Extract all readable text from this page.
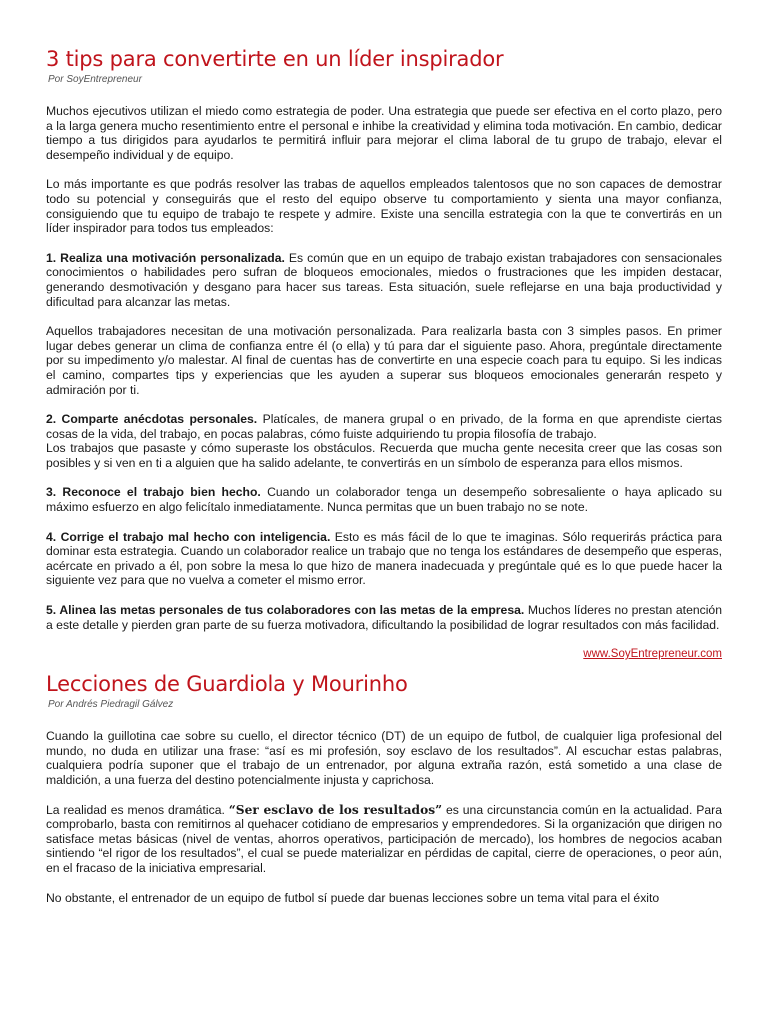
3 tips para convertirte en un líder inspirador
Por SoyEntrepreneur

Muchos ejecutivos utilizan el miedo como estrategia de poder. Una estrategia que puede ser efectiva en el corto plazo, pero a la larga genera mucho resentimiento entre el personal e inhibe la creatividad y elimina toda motivación. En cambio, dedicar tiempo a tus dirigidos para ayudarlos te permitirá influir para mejorar el clima laboral de tu grupo de trabajo, elevar el desempeño individual y de equipo.

Lo más importante es que podrás resolver las trabas de aquellos empleados talentosos que no son capaces de demostrar todo su potencial y conseguirás que el resto del equipo observe tu comportamiento y sienta una mayor confianza, consiguiendo que tu equipo de trabajo te respete y admire. Existe una sencilla estrategia con la que te convertirás en un líder inspirador para todos tus empleados:

1. Realiza una motivación personalizada. Es común que en un equipo de trabajo existan trabajadores con sensacionales conocimientos o habilidades pero sufran de bloqueos emocionales, miedos o frustraciones que les impiden destacar, generando desmotivación y desgano para hacer sus tareas. Esta situación, suele reflejarse en una baja productividad y dificultad para alcanzar las metas.

Aquellos trabajadores necesitan de una motivación personalizada. Para realizarla basta con 3 simples pasos. En primer lugar debes generar un clima de confianza entre él (o ella) y tú para dar el siguiente paso. Ahora, pregúntale directamente por su impedimento y/o malestar. Al final de cuentas has de convertirte en una especie coach para tu equipo. Si les indicas el camino, compartes tips y experiencias que les ayuden a superar sus bloqueos emocionales generarán respeto y admiración por ti.

2. Comparte anécdotas personales. Platícales, de manera grupal o en privado, de la forma en que aprendiste ciertas cosas de la vida, del trabajo, en pocas palabras, cómo fuiste adquiriendo tu propia filosofía de trabajo.
Los trabajos que pasaste y cómo superaste los obstáculos. Recuerda que mucha gente necesita creer que las cosas son posibles y si ven en ti a alguien que ha salido adelante, te convertirás en un símbolo de esperanza para ellos mismos.

3. Reconoce el trabajo bien hecho. Cuando un colaborador tenga un desempeño sobresaliente o haya aplicado su máximo esfuerzo en algo felicítalo inmediatamente. Nunca permitas que un buen trabajo no se note.

4. Corrige el trabajo mal hecho con inteligencia. Esto es más fácil de lo que te imaginas. Sólo requerirás práctica para dominar esta estrategia. Cuando un colaborador realice un trabajo que no tenga los estándares de desempeño que esperas, acércate en privado a él, pon sobre la mesa lo que hizo de manera inadecuada y pregúntale qué es lo que puede hacer la siguiente vez para que no vuelva a cometer el mismo error.

5. Alinea las metas personales de tus colaboradores con las metas de la empresa. Muchos líderes no prestan atención a este detalle y pierden gran parte de su fuerza motivadora, dificultando la posibilidad de lograr resultados con más facilidad.

www.SoyEntrepreneur.com
Lecciones de Guardiola y Mourinho
Por Andrés Piedragil Gálvez

Cuando la guillotina cae sobre su cuello, el director técnico (DT) de un equipo de futbol, de cualquier liga profesional del mundo, no duda en utilizar una frase: “así es mi profesión, soy esclavo de los resultados”. Al escuchar estas palabras, cualquiera podría suponer que el trabajo de un entrenador, por alguna extraña razón, está sometido a una clase de maldición, a una fuerza del destino potencialmente injusta y caprichosa.

La realidad es menos dramática. “Ser esclavo de los resultados” es una circunstancia común en la actualidad. Para comprobarlo, basta con remitirnos al quehacer cotidiano de empresarios y emprendedores. Si la organización que dirigen no satisface metas básicas (nivel de ventas, ahorros operativos, participación de mercado), los hombres de negocios acaban sintiendo “el rigor de los resultados”, el cual se puede materializar en pérdidas de capital, cierre de operaciones, o peor aún, en el fracaso de la iniciativa empresarial.

No obstante, el entrenador de un equipo de futbol sí puede dar buenas lecciones sobre un tema vital para el éxito
